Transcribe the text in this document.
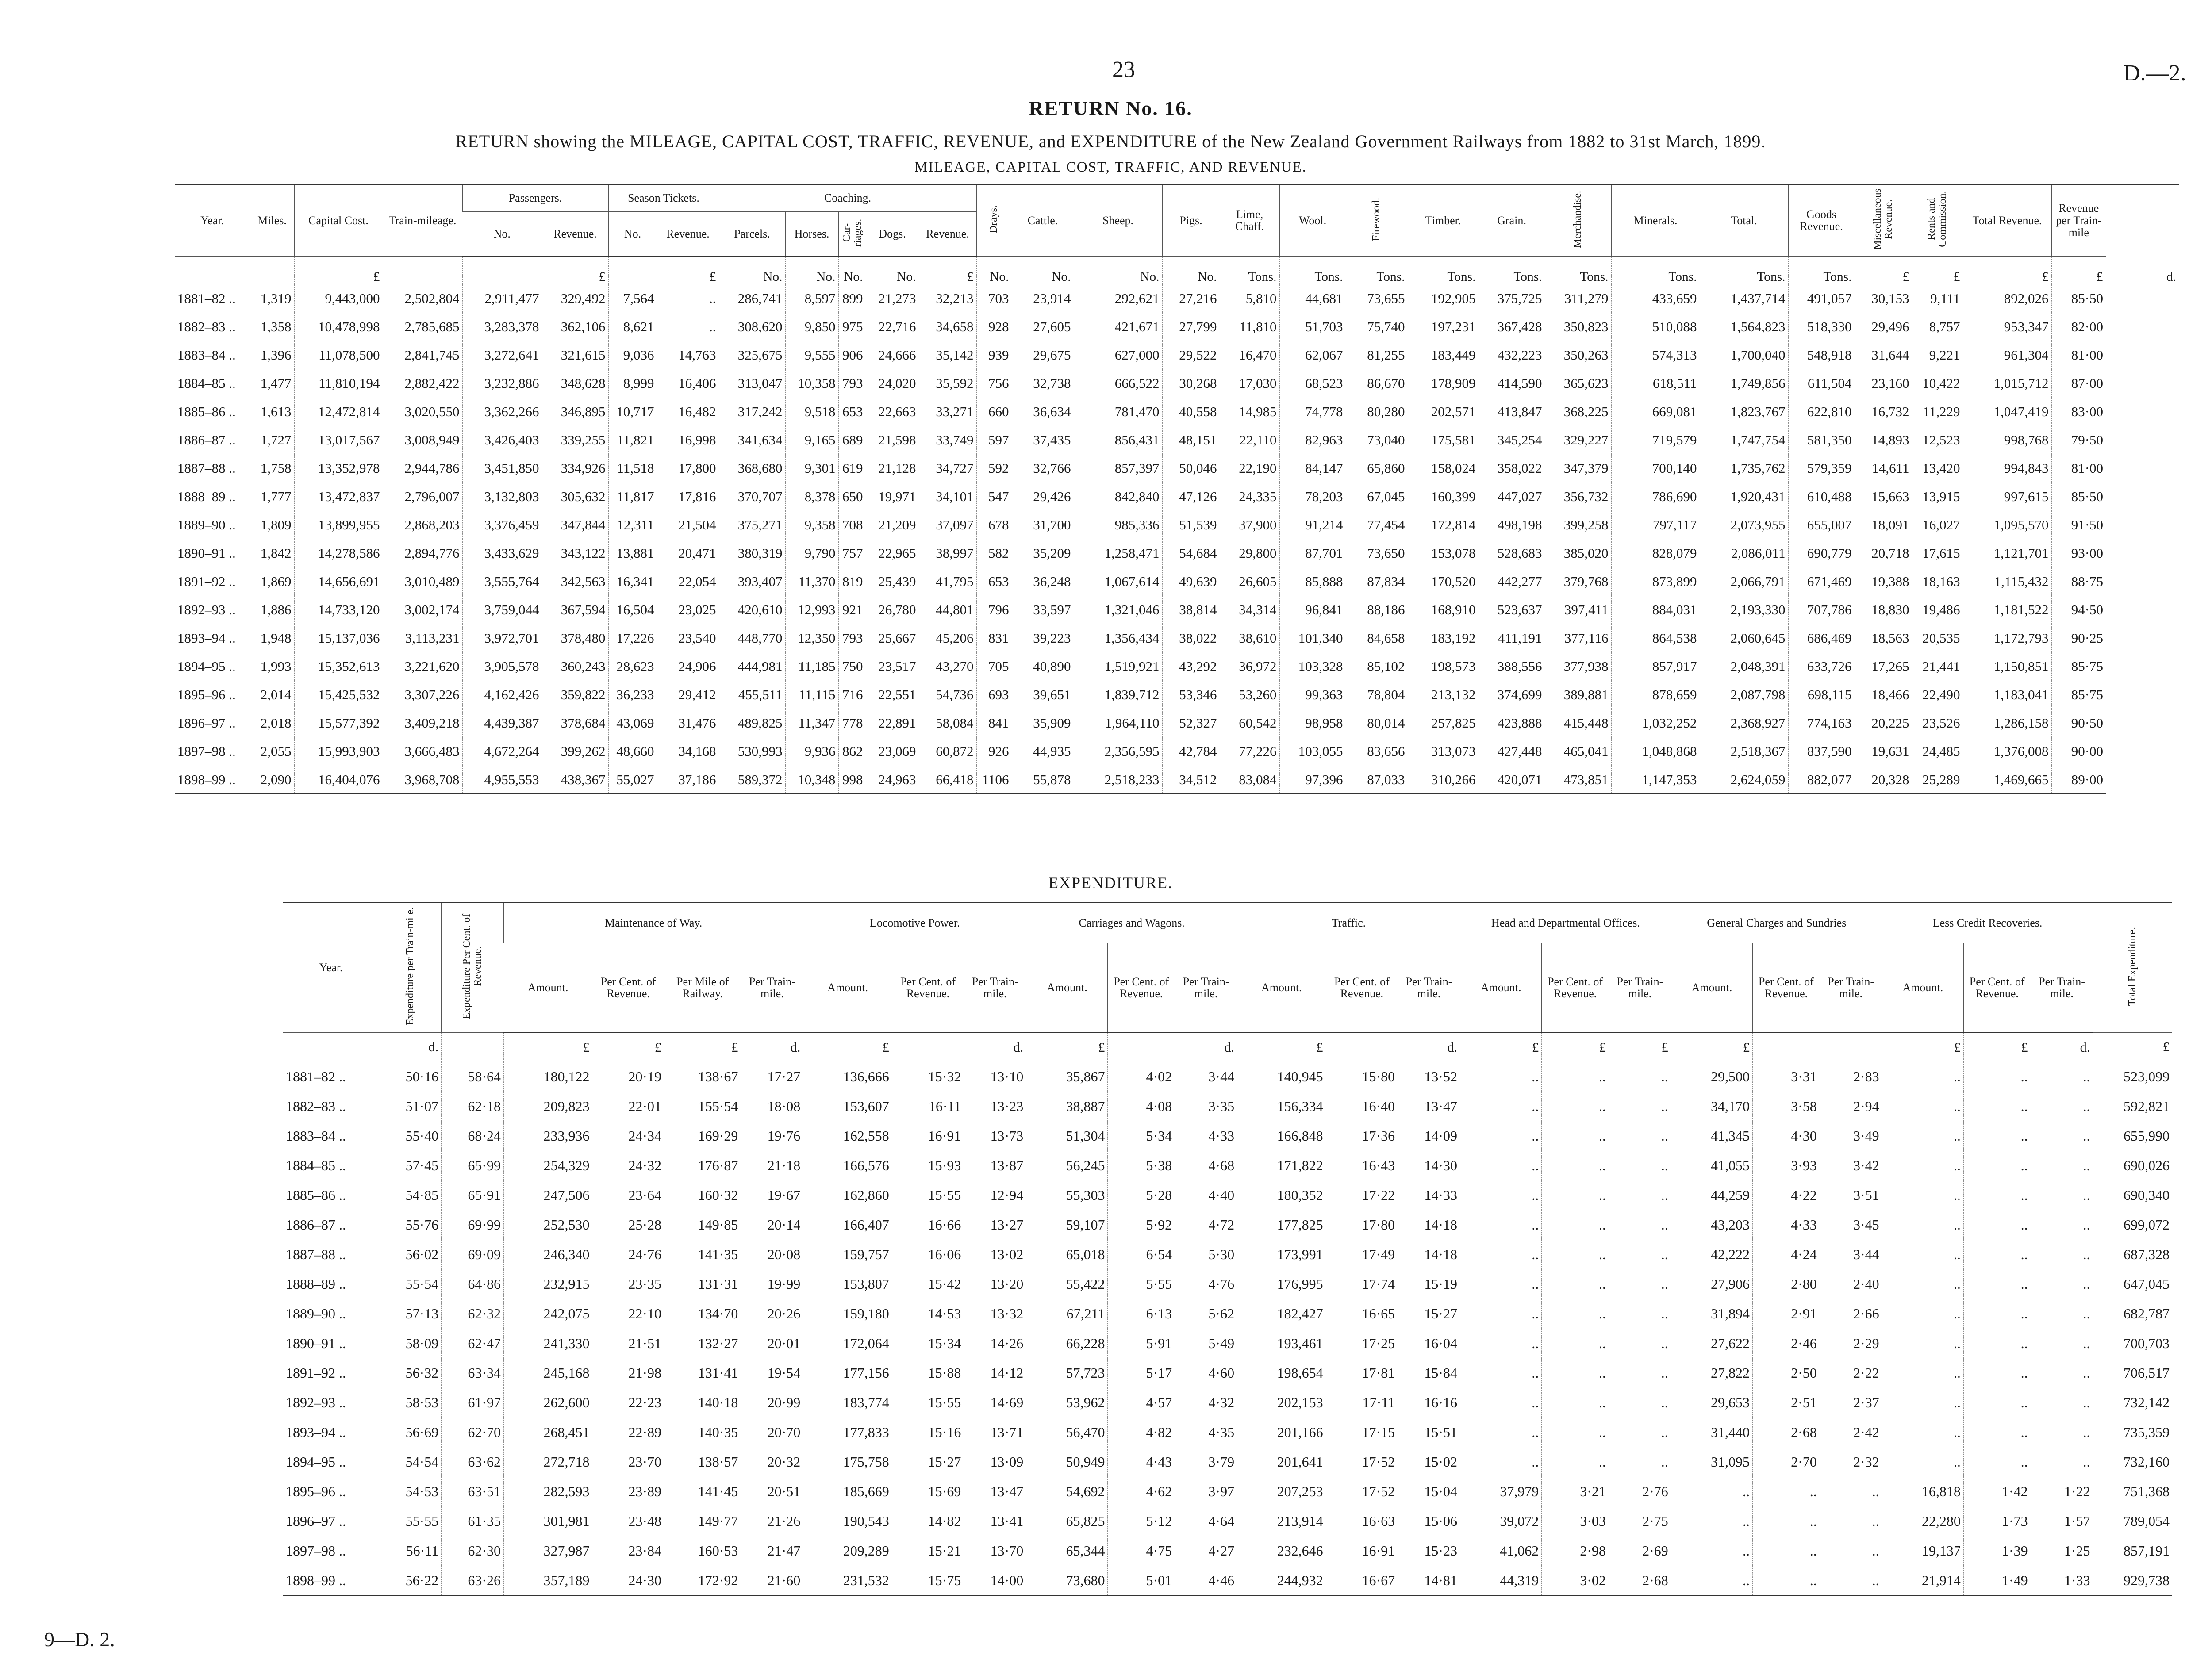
23	D.—2.
RETURN No. 16.
RETURN showing the MILEAGE, CAPITAL COST, TRAFFIC, REVENUE, and EXPENDITURE of the New Zealand Government Railways from 1882 to 31st March, 1899.
MILEAGE, CAPITAL COST, TRAFFIC, AND REVENUE.
Year.	Miles.	Capital Cost.	Train-mileage.	Passengers.		Season Tickets.		Coaching.					Drays.	Cattle.	Sheep.	Pigs.	Lime, Chaff.	Wool.	Firewood.	Timber.	Grain.	Merchandise.	Minerals.	Total.	Goods Revenue.	Miscellaneous Revenue.	Rents and Commission.	Total Revenue.	Revenue per Train-mile	
				No.	Revenue.	No.	Revenue.	Parcels.	Horses.	Car-riages.	Dogs.	Revenue.																		
		£			£		£	No.	No.	No.	No.	£	No.	No.	No.	No.	Tons.	Tons.	Tons.	Tons.	Tons.	Tons.	Tons.	Tons.	Tons.	£	£	£	£	d.
1881–82 ..	1,319	9,443,000	2,502,804	2,911,477	329,492	7,564	..	286,741	8,597	899	21,273	32,213	703	23,914	292,621	27,216	5,810	44,681	73,655	192,905	375,725	311,279	433,659	1,437,714	491,057	30,153	9,111	892,026	85·50	
1882–83 ..	1,358	10,478,998	2,785,685	3,283,378	362,106	8,621	..	308,620	9,850	975	22,716	34,658	928	27,605	421,671	27,799	11,810	51,703	75,740	197,231	367,428	350,823	510,088	1,564,823	518,330	29,496	8,757	953,347	82·00	
1883–84 ..	1,396	11,078,500	2,841,745	3,272,641	321,615	9,036	14,763	325,675	9,555	906	24,666	35,142	939	29,675	627,000	29,522	16,470	62,067	81,255	183,449	432,223	350,263	574,313	1,700,040	548,918	31,644	9,221	961,304	81·00	
1884–85 ..	1,477	11,810,194	2,882,422	3,232,886	348,628	8,999	16,406	313,047	10,358	793	24,020	35,592	756	32,738	666,522	30,268	17,030	68,523	86,670	178,909	414,590	365,623	618,511	1,749,856	611,504	23,160	10,422	1,015,712	87·00	
1885–86 ..	1,613	12,472,814	3,020,550	3,362,266	346,895	10,717	16,482	317,242	9,518	653	22,663	33,271	660	36,634	781,470	40,558	14,985	74,778	80,280	202,571	413,847	368,225	669,081	1,823,767	622,810	16,732	11,229	1,047,419	83·00	
1886–87 ..	1,727	13,017,567	3,008,949	3,426,403	339,255	11,821	16,998	341,634	9,165	689	21,598	33,749	597	37,435	856,431	48,151	22,110	82,963	73,040	175,581	345,254	329,227	719,579	1,747,754	581,350	14,893	12,523	998,768	79·50	
1887–88 ..	1,758	13,352,978	2,944,786	3,451,850	334,926	11,518	17,800	368,680	9,301	619	21,128	34,727	592	32,766	857,397	50,046	22,190	84,147	65,860	158,024	358,022	347,379	700,140	1,735,762	579,359	14,611	13,420	994,843	81·00	
1888–89 ..	1,777	13,472,837	2,796,007	3,132,803	305,632	11,817	17,816	370,707	8,378	650	19,971	34,101	547	29,426	842,840	47,126	24,335	78,203	67,045	160,399	447,027	356,732	786,690	1,920,431	610,488	15,663	13,915	997,615	85·50	
1889–90 ..	1,809	13,899,955	2,868,203	3,376,459	347,844	12,311	21,504	375,271	9,358	708	21,209	37,097	678	31,700	985,336	51,539	37,900	91,214	77,454	172,814	498,198	399,258	797,117	2,073,955	655,007	18,091	16,027	1,095,570	91·50	
1890–91 ..	1,842	14,278,586	2,894,776	3,433,629	343,122	13,881	20,471	380,319	9,790	757	22,965	38,997	582	35,209	1,258,471	54,684	29,800	87,701	73,650	153,078	528,683	385,020	828,079	2,086,011	690,779	20,718	17,615	1,121,701	93·00	
1891–92 ..	1,869	14,656,691	3,010,489	3,555,764	342,563	16,341	22,054	393,407	11,370	819	25,439	41,795	653	36,248	1,067,614	49,639	26,605	85,888	87,834	170,520	442,277	379,768	873,899	2,066,791	671,469	19,388	18,163	1,115,432	88·75	
1892–93 ..	1,886	14,733,120	3,002,174	3,759,044	367,594	16,504	23,025	420,610	12,993	921	26,780	44,801	796	33,597	1,321,046	38,814	34,314	96,841	88,186	168,910	523,637	397,411	884,031	2,193,330	707,786	18,830	19,486	1,181,522	94·50	
1893–94 ..	1,948	15,137,036	3,113,231	3,972,701	378,480	17,226	23,540	448,770	12,350	793	25,667	45,206	831	39,223	1,356,434	38,022	38,610	101,340	84,658	183,192	411,191	377,116	864,538	2,060,645	686,469	18,563	20,535	1,172,793	90·25	
1894–95 ..	1,993	15,352,613	3,221,620	3,905,578	360,243	28,623	24,906	444,981	11,185	750	23,517	43,270	705	40,890	1,519,921	43,292	36,972	103,328	85,102	198,573	388,556	377,938	857,917	2,048,391	633,726	17,265	21,441	1,150,851	85·75	
1895–96 ..	2,014	15,425,532	3,307,226	4,162,426	359,822	36,233	29,412	455,511	11,115	716	22,551	54,736	693	39,651	1,839,712	53,346	53,260	99,363	78,804	213,132	374,699	389,881	878,659	2,087,798	698,115	18,466	22,490	1,183,041	85·75	
1896–97 ..	2,018	15,577,392	3,409,218	4,439,387	378,684	43,069	31,476	489,825	11,347	778	22,891	58,084	841	35,909	1,964,110	52,327	60,542	98,958	80,014	257,825	423,888	415,448	1,032,252	2,368,927	774,163	20,225	23,526	1,286,158	90·50	
1897–98 ..	2,055	15,993,903	3,666,483	4,672,264	399,262	48,660	34,168	530,993	9,936	862	23,069	60,872	926	44,935	2,356,595	42,784	77,226	103,055	83,656	313,073	427,448	465,041	1,048,868	2,518,367	837,590	19,631	24,485	1,376,008	90·00	
1898–99 ..	2,090	16,404,076	3,968,708	4,955,553	438,367	55,027	37,186	589,372	10,348	998	24,963	66,418	1106	55,878	2,518,233	34,512	83,084	97,396	87,033	310,266	420,071	473,851	1,147,353	2,624,059	882,077	20,328	25,289	1,469,665	89·00	
EXPENDITURE.
Year.	Expenditure per Train-mile.	Expenditure Per Cent. of Revenue.	Maintenance of Way.				Locomotive Power.			Carriages and Wagons.			Traffic.			Head and Departmental Offices.			General Charges and Sundries			Less Credit Recoveries.			Total Expenditure.
			Amount.	Per Cent. of Revenue.	Per Mile of Railway.	Per Train-mile.	Amount.	Per Cent. of Revenue.	Per Train-mile.	Amount.	Per Cent. of Revenue.	Per Train-mile.	Amount.	Per Cent. of Revenue.	Per Train-mile.	Amount.	Per Cent. of Revenue.	Per Train-mile.	Amount.	Per Cent. of Revenue.	Per Train-mile.	Amount.	Per Cent. of Revenue.	Per Train-mile.	
	d.		£	£	£	d.	£		d.	£		d.	£		d.	£	£	£	£			£	£	d.	£
1881–82 ..	50·16	58·64	180,122	20·19	138·67	17·27	136,666	15·32	13·10	35,867	4·02	3·44	140,945	15·80	13·52	..	..	..	29,500	3·31	2·83	..	..	..	523,099
1882–83 ..	51·07	62·18	209,823	22·01	155·54	18·08	153,607	16·11	13·23	38,887	4·08	3·35	156,334	16·40	13·47	..	..	..	34,170	3·58	2·94	..	..	..	592,821
1883–84 ..	55·40	68·24	233,936	24·34	169·29	19·76	162,558	16·91	13·73	51,304	5·34	4·33	166,848	17·36	14·09	..	..	..	41,345	4·30	3·49	..	..	..	655,990
1884–85 ..	57·45	65·99	254,329	24·32	176·87	21·18	166,576	15·93	13·87	56,245	5·38	4·68	171,822	16·43	14·30	..	..	..	41,055	3·93	3·42	..	..	..	690,026
1885–86 ..	54·85	65·91	247,506	23·64	160·32	19·67	162,860	15·55	12·94	55,303	5·28	4·40	180,352	17·22	14·33	..	..	..	44,259	4·22	3·51	..	..	..	690,340
1886–87 ..	55·76	69·99	252,530	25·28	149·85	20·14	166,407	16·66	13·27	59,107	5·92	4·72	177,825	17·80	14·18	..	..	..	43,203	4·33	3·45	..	..	..	699,072
1887–88 ..	56·02	69·09	246,340	24·76	141·35	20·08	159,757	16·06	13·02	65,018	6·54	5·30	173,991	17·49	14·18	..	..	..	42,222	4·24	3·44	..	..	..	687,328
1888–89 ..	55·54	64·86	232,915	23·35	131·31	19·99	153,807	15·42	13·20	55,422	5·55	4·76	176,995	17·74	15·19	..	..	..	27,906	2·80	2·40	..	..	..	647,045
1889–90 ..	57·13	62·32	242,075	22·10	134·70	20·26	159,180	14·53	13·32	67,211	6·13	5·62	182,427	16·65	15·27	..	..	..	31,894	2·91	2·66	..	..	..	682,787
1890–91 ..	58·09	62·47	241,330	21·51	132·27	20·01	172,064	15·34	14·26	66,228	5·91	5·49	193,461	17·25	16·04	..	..	..	27,622	2·46	2·29	..	..	..	700,703
1891–92 ..	56·32	63·34	245,168	21·98	131·41	19·54	177,156	15·88	14·12	57,723	5·17	4·60	198,654	17·81	15·84	..	..	..	27,822	2·50	2·22	..	..	..	706,517
1892–93 ..	58·53	61·97	262,600	22·23	140·18	20·99	183,774	15·55	14·69	53,962	4·57	4·32	202,153	17·11	16·16	..	..	..	29,653	2·51	2·37	..	..	..	732,142
1893–94 ..	56·69	62·70	268,451	22·89	140·35	20·70	177,833	15·16	13·71	56,470	4·82	4·35	201,166	17·15	15·51	..	..	..	31,440	2·68	2·42	..	..	..	735,359
1894–95 ..	54·54	63·62	272,718	23·70	138·57	20·32	175,758	15·27	13·09	50,949	4·43	3·79	201,641	17·52	15·02	..	..	..	31,095	2·70	2·32	..	..	..	732,160
1895–96 ..	54·53	63·51	282,593	23·89	141·45	20·51	185,669	15·69	13·47	54,692	4·62	3·97	207,253	17·52	15·04	37,979	3·21	2·76	..	..	..	16,818	1·42	1·22	751,368
1896–97 ..	55·55	61·35	301,981	23·48	149·77	21·26	190,543	14·82	13·41	65,825	5·12	4·64	213,914	16·63	15·06	39,072	3·03	2·75	..	..	..	22,280	1·73	1·57	789,054
1897–98 ..	56·11	62·30	327,987	23·84	160·53	21·47	209,289	15·21	13·70	65,344	4·75	4·27	232,646	16·91	15·23	41,062	2·98	2·69	..	..	..	19,137	1·39	1·25	857,191
1898–99 ..	56·22	63·26	357,189	24·30	172·92	21·60	231,532	15·75	14·00	73,680	5·01	4·46	244,932	16·67	14·81	44,319	3·02	2·68	..	..	..	21,914	1·49	1·33	929,738
9—D. 2.
